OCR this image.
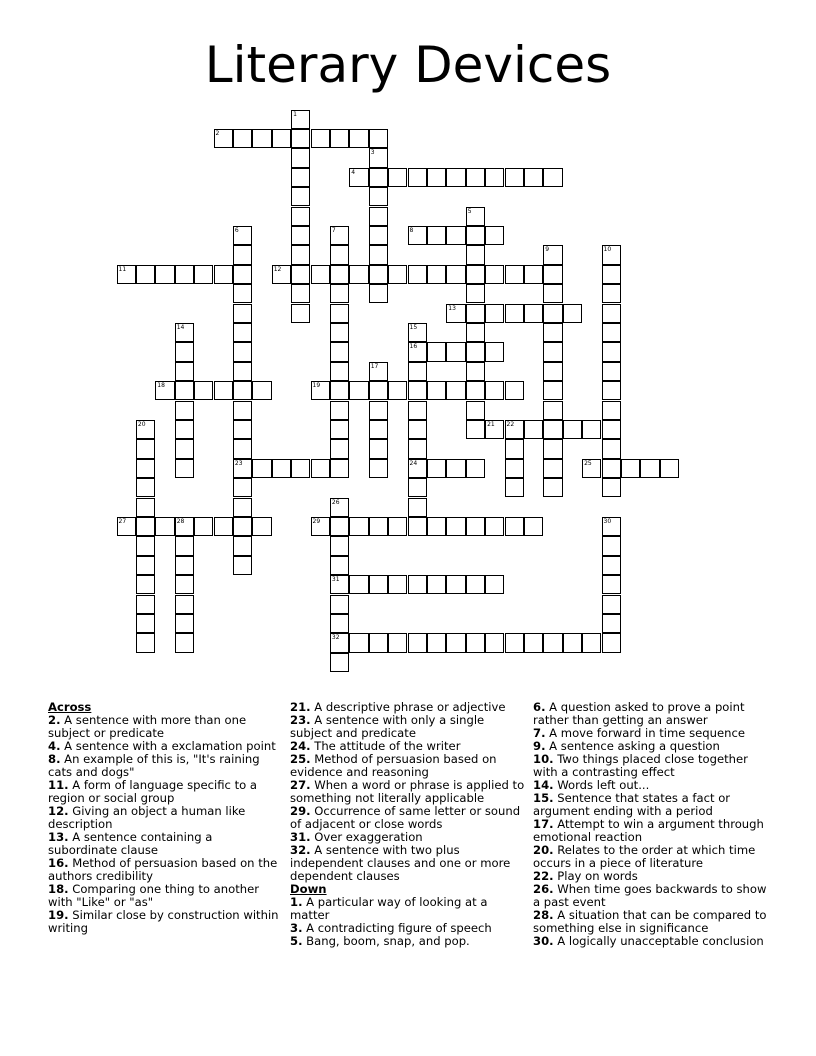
Literary Devices
2
4
8
11	12
13
16
18	19
21 22
23	24	25
27	28	29
31
32
1
3
5
6	7
9	10
14	15
17
20
26
30

Across

2. A sentence with more than one subject or predicate

4. A sentence with a exclamation point

8. An example of this is, "It's raining cats and dogs"

11. A form of language specific to a region or social group

12. Giving an object a human like description

13. A sentence containing a subordinate clause

16. Method of persuasion based on the authors credibility

18. Comparing one thing to another with "Like" or "as"

19. Similar close by construction within writing

21. A descriptive phrase or adjective

23. A sentence with only a single subject and predicate

24. The attitude of the writer

25. Method of persuasion based on evidence and reasoning

27. When a word or phrase is applied to something not literally applicable

29. Occurrence of same letter or sound of adjacent or close words

31. Over exaggeration

32. A sentence with two plus independent clauses and one or more dependent clauses

Down

1. A particular way of looking at a matter

3. A contradicting figure of speech

5. Bang, boom, snap, and pop.

6. A question asked to prove a point rather than getting an answer

7. A move forward in time sequence

9. A sentence asking a question

10. Two things placed close together with a contrasting effect

14. Words left out...

15. Sentence that states a fact or argument ending with a period

17. Attempt to win a argument through emotional reaction

20. Relates to the order at which time occurs in a piece of literature

22. Play on words

26. When time goes backwards to show a past event

28. A situation that can be compared to something else in significance

30. A logically unacceptable conclusion
